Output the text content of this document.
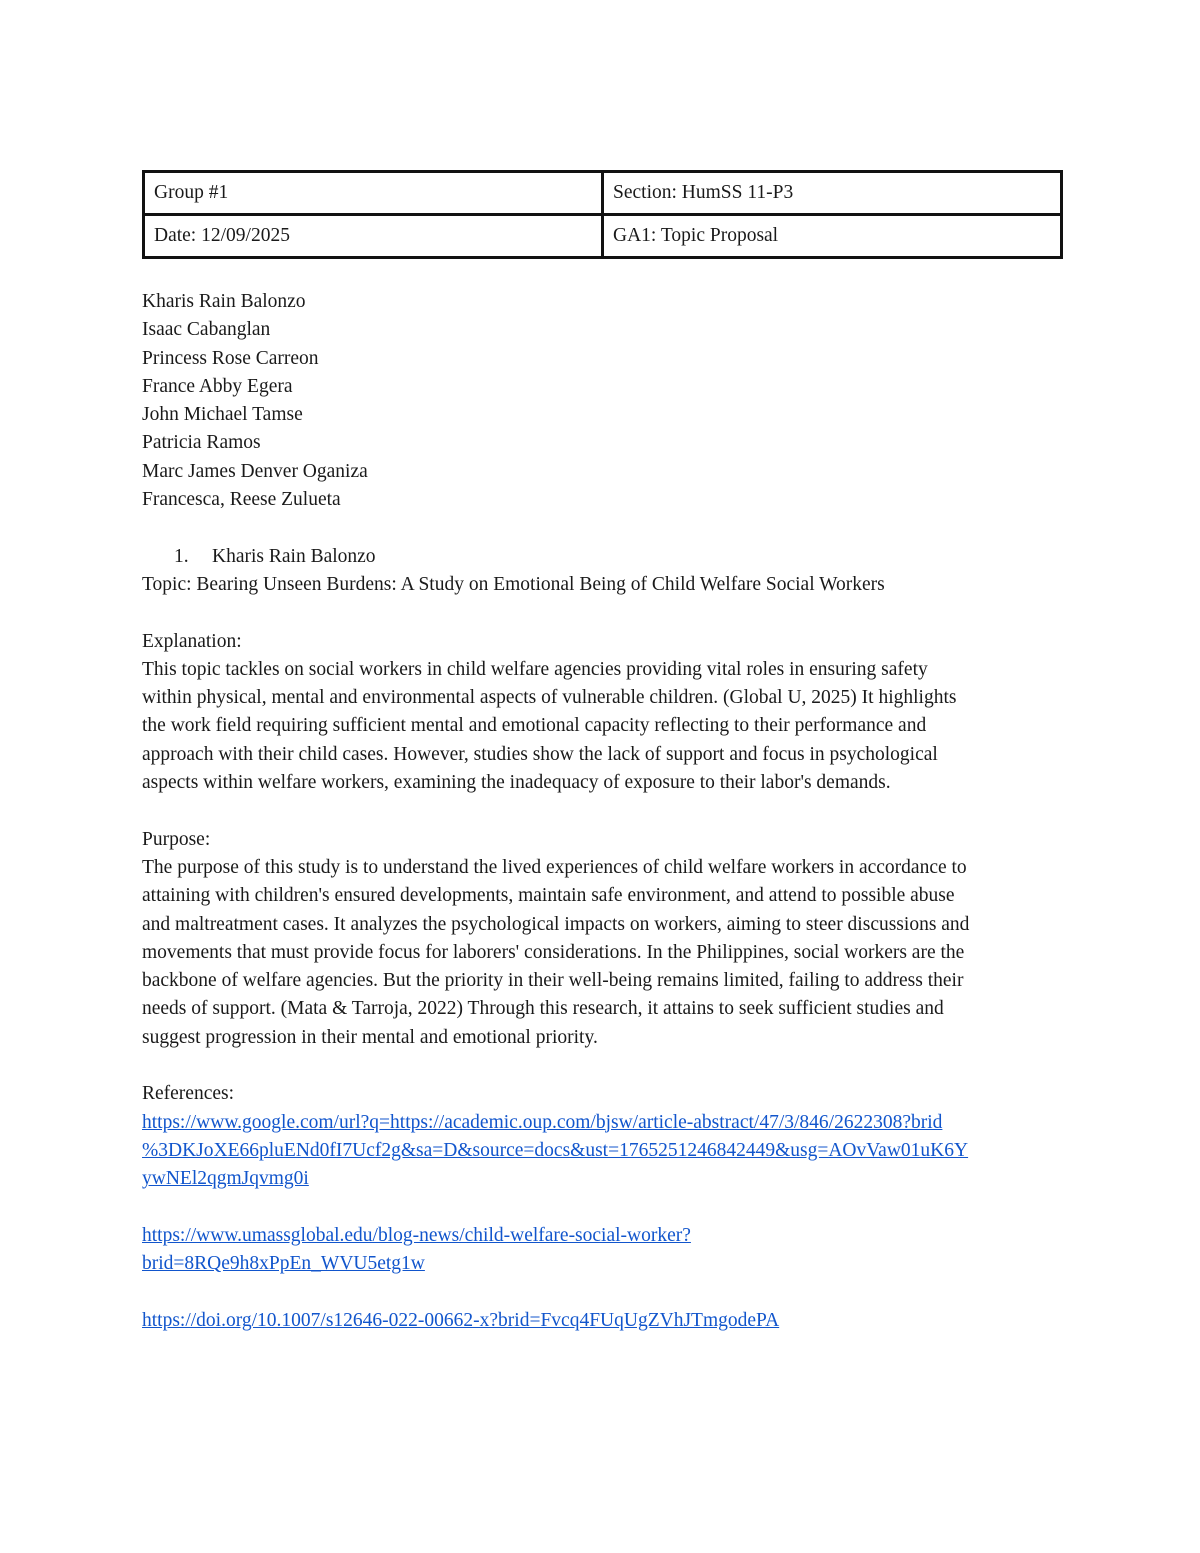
Group #1	Section: HumSS 11-P3
Date: 12/09/2025	GA1: Topic Proposal
Kharis Rain Balonzo
Isaac Cabanglan
Princess Rose Carreon
France Abby Egera
John Michael Tamse
Patricia Ramos
Marc James Denver Oganiza
Francesca, Reese Zulueta
1.	Kharis Rain Balonzo

Topic: Bearing Unseen Burdens: A Study on Emotional Being of Child Welfare Social Workers

Explanation:

This topic tackles on social workers in child welfare agencies providing vital roles in ensuring safety
within physical, mental and environmental aspects of vulnerable children. (Global U, 2025) It highlights
the work field requiring sufficient mental and emotional capacity reflecting to their performance and
approach with their child cases. However, studies show the lack of support and focus in psychological
aspects within welfare workers, examining the inadequacy of exposure to their labor's demands.

Purpose:

The purpose of this study is to understand the lived experiences of child welfare workers in accordance to
attaining with children's ensured developments, maintain safe environment, and attend to possible abuse
and maltreatment cases. It analyzes the psychological impacts on workers, aiming to steer discussions and
movements that must provide focus for laborers' considerations. In the Philippines, social workers are the
backbone of welfare agencies. But the priority in their well-being remains limited, failing to address their
needs of support. (Mata & Tarroja, 2022) Through this research, it attains to seek sufficient studies and
suggest progression in their mental and emotional priority.

References:

https://www.google.com/url?q=https://academic.oup.com/bjsw/article-abstract/47/3/846/2622308?brid
%3DKJoXE66pluENd0fI7Ucf2g&sa=D&source=docs&ust=1765251246842449&usg=AOvVaw01uK6Y
ywNEl2qgmJqvmg0i
https://www.umassglobal.edu/blog-news/child-welfare-social-worker?
brid=8RQe9h8xPpEn_WVU5etg1w
https://doi.org/10.1007/s12646-022-00662-x?brid=Fvcq4FUqUgZVhJTmgodePA
